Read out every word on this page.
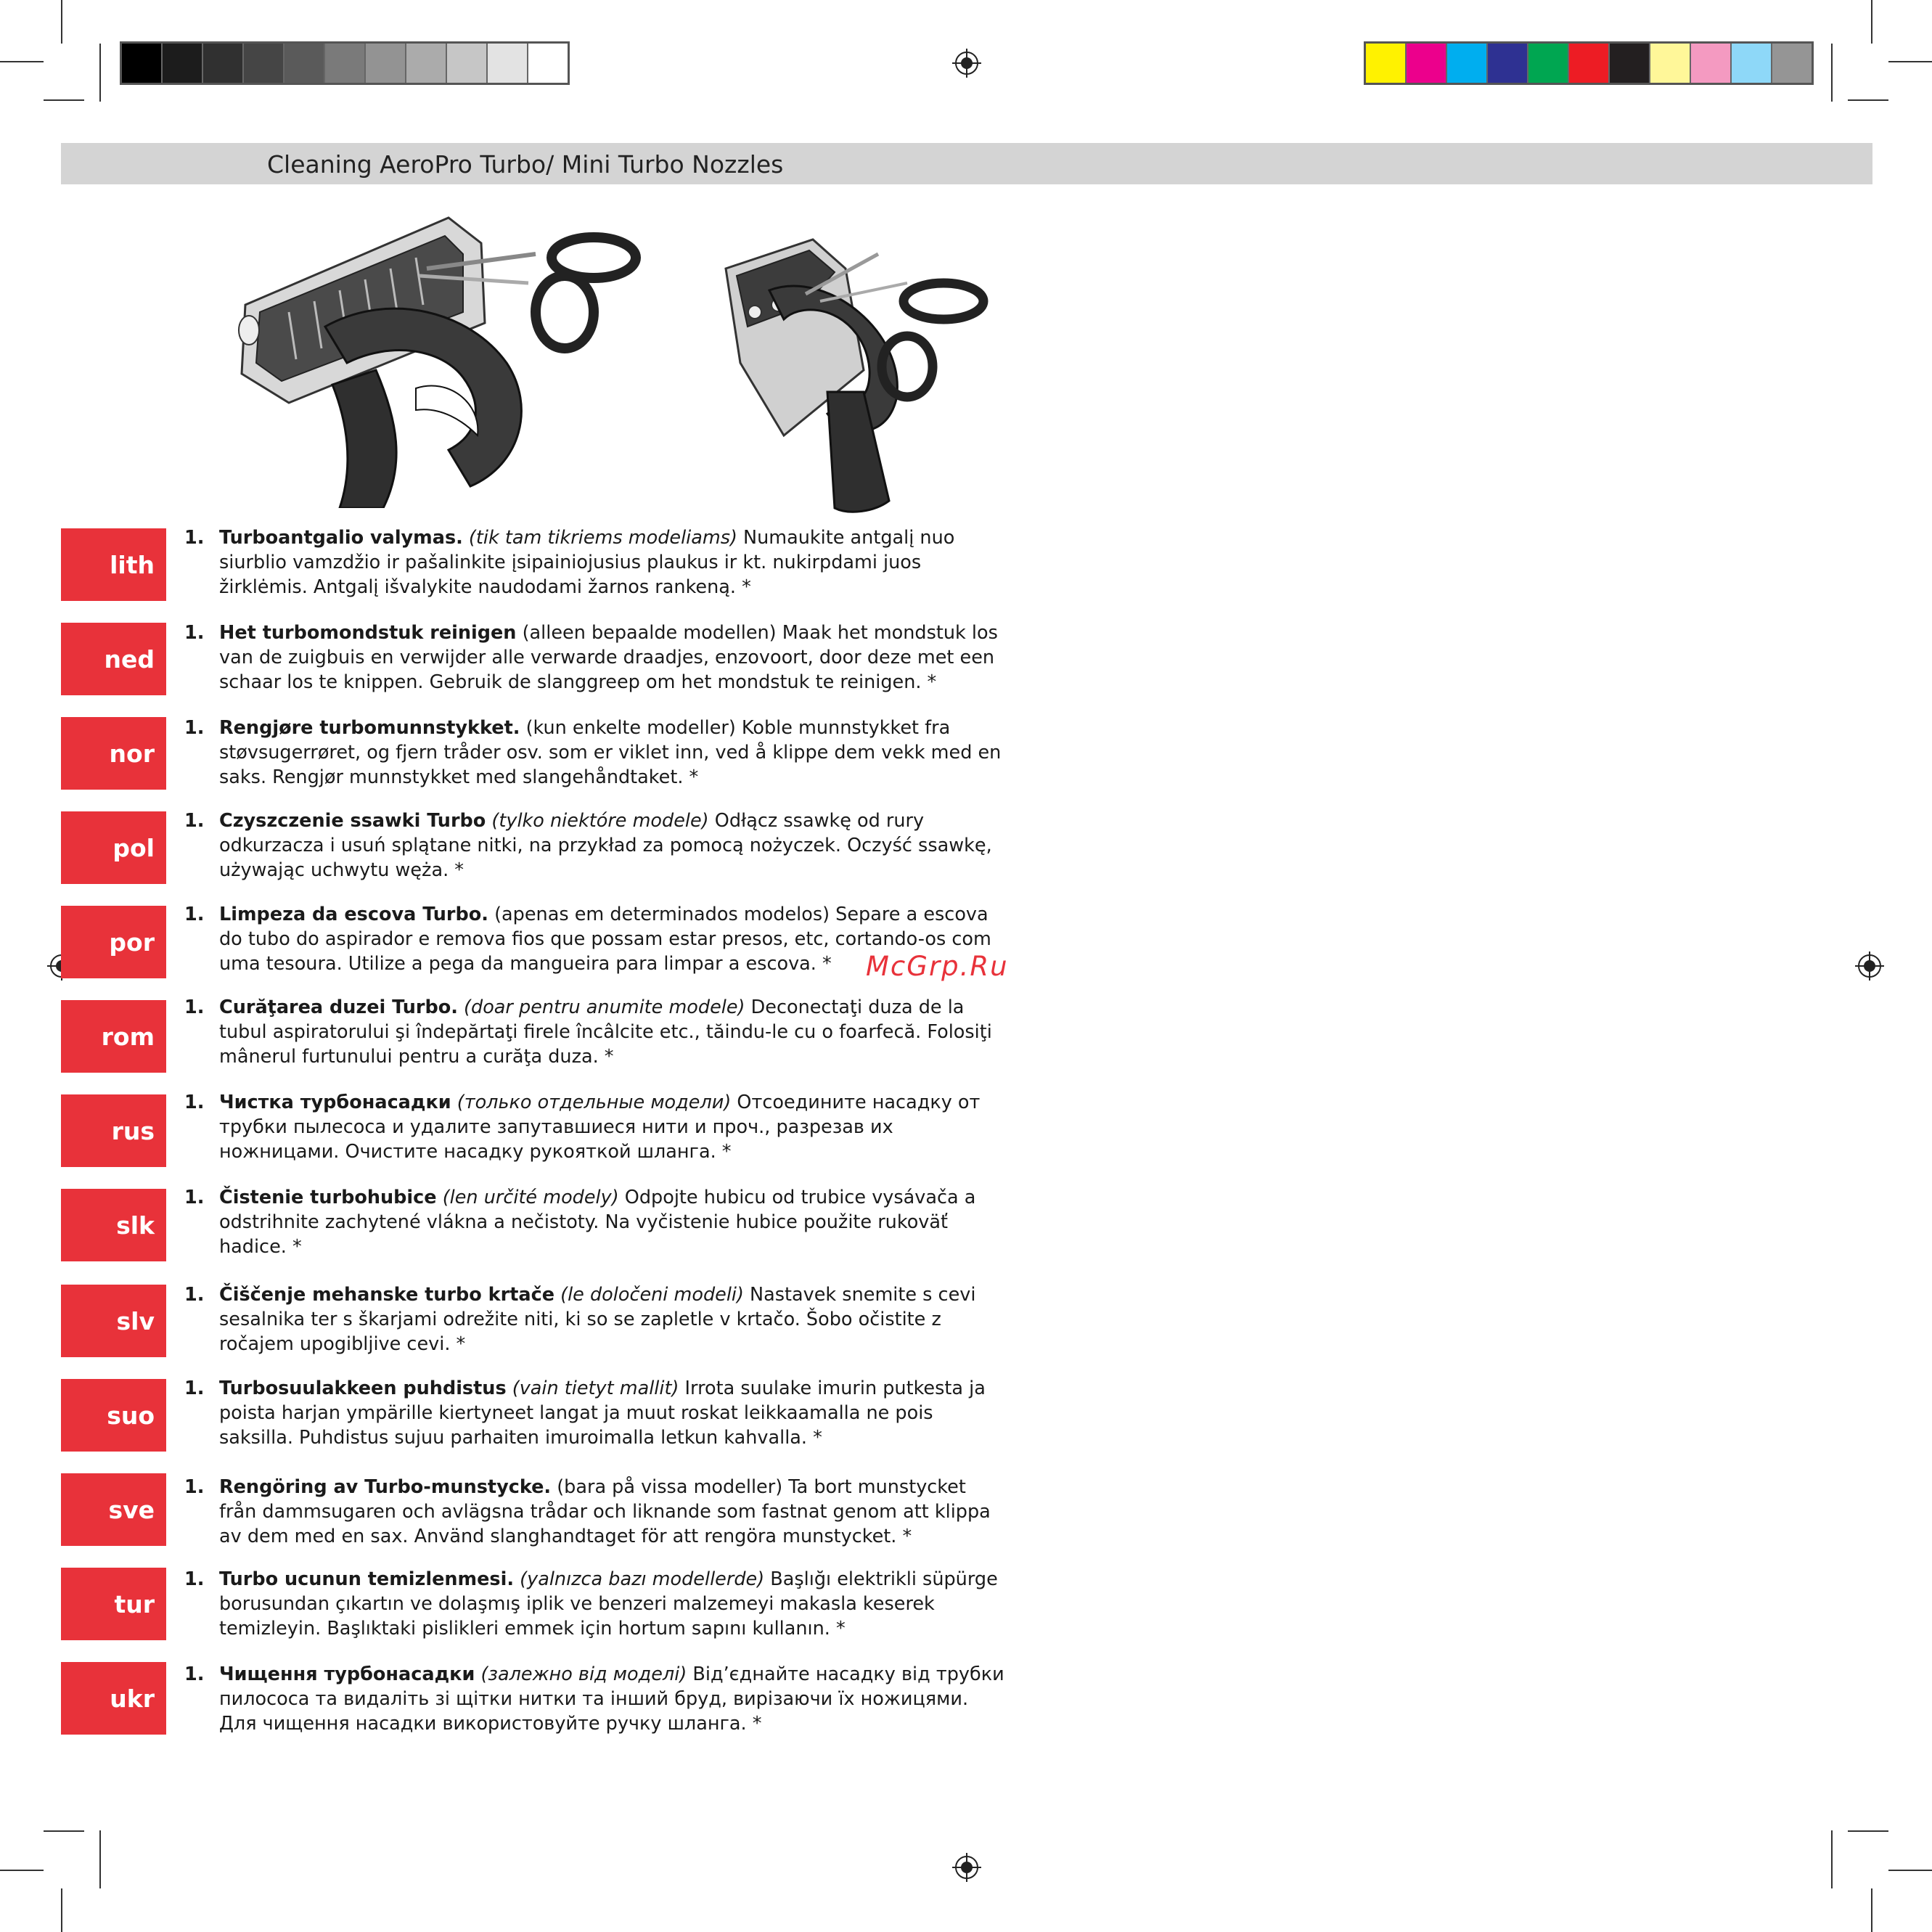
Cleaning AeroPro Turbo/ Mini Turbo Nozzles
lith
1. Turboantgalio valymas. (tik tam tikriems modeliams) Numaukite antgalį nuo siurblio vamzdžio ir pašalinkite įsipainiojusius plaukus ir kt. nukirpdami juos žirklėmis. Antgalį išvalykite naudodami žarnos rankeną. *
ned
1. Het turbomondstuk reinigen (alleen bepaalde modellen) Maak het mondstuk los van de zuigbuis en verwijder alle verwarde draadjes, enzovoort, door deze met een schaar los te knippen. Gebruik de slanggreep om het mondstuk te reinigen. *
nor
1. Rengjøre turbomunnstykket. (kun enkelte modeller) Koble munnstykket fra støvsugerrøret, og fjern tråder osv. som er viklet inn, ved å klippe dem vekk med en saks. Rengjør munnstykket med slangehåndtaket. *
pol
1. Czyszczenie ssawki Turbo (tylko niektóre modele) Odłącz ssawkę od rury odkurzacza i usuń splątane nitki, na przykład za pomocą nożyczek. Oczyść ssawkę, używając uchwytu węża. *
por
1. Limpeza da escova Turbo. (apenas em determinados modelos) Separe a escova do tubo do aspirador e remova fios que possam estar presos, etc, cortando-os com uma tesoura. Utilize a pega da mangueira para limpar a escova. *
rom
1. Curăţarea duzei Turbo. (doar pentru anumite modele) Deconectaţi duza de la tubul aspiratorului şi îndepărtaţi firele încâlcite etc., tăindu-le cu o foarfecă. Folosiţi mânerul furtunului pentru a curăţa duza. *
rus
1. Чистка турбонасадки (только отдельные модели) Отсоедините насадку от трубки пылесоса и удалите запутавшиеся нити и проч., разрезав их ножницами. Очистите насадку рукояткой шланга. *
slk
1. Čistenie turbohubice (len určité modely) Odpojte hubicu od trubice vysávača a odstrihnite zachytené vlákna a nečistoty. Na vyčistenie hubice použite rukoväť hadice. *
slv
1. Čiščenje mehanske turbo krtače (le določeni modeli) Nastavek snemite s cevi sesalnika ter s škarjami odrežite niti, ki so se zapletle v krtačo. Šobo očistite z ročajem upogibljive cevi. *
suo
1. Turbosuulakkeen puhdistus (vain tietyt mallit) Irrota suulake imurin putkesta ja poista harjan ympärille kiertyneet langat ja muut roskat leikkaamalla ne pois saksilla. Puhdistus sujuu parhaiten imuroimalla letkun kahvalla. *
sve
1. Rengöring av Turbo-munstycke. (bara på vissa modeller) Ta bort munstycket från dammsugaren och avlägsna trådar och liknande som fastnat genom att klippa av dem med en sax. Använd slanghandtaget för att rengöra munstycket. *
tur
1. Turbo ucunun temizlenmesi. (yalnızca bazı modellerde) Başlığı elektrikli süpürge borusundan çıkartın ve dolaşmış iplik ve benzeri malzemeyi makasla keserek temizleyin. Başlıktaki pislikleri emmek için hortum sapını kullanın. *
ukr
1. Чищення турбонасадки (залежно від моделі) Від’єднайте насадку від трубки пилососа та видаліть зі щітки нитки та інший бруд, вирізаючи їх ножицями. Для чищення насадки використовуйте ручку шланга. *
McGrp.Ru
